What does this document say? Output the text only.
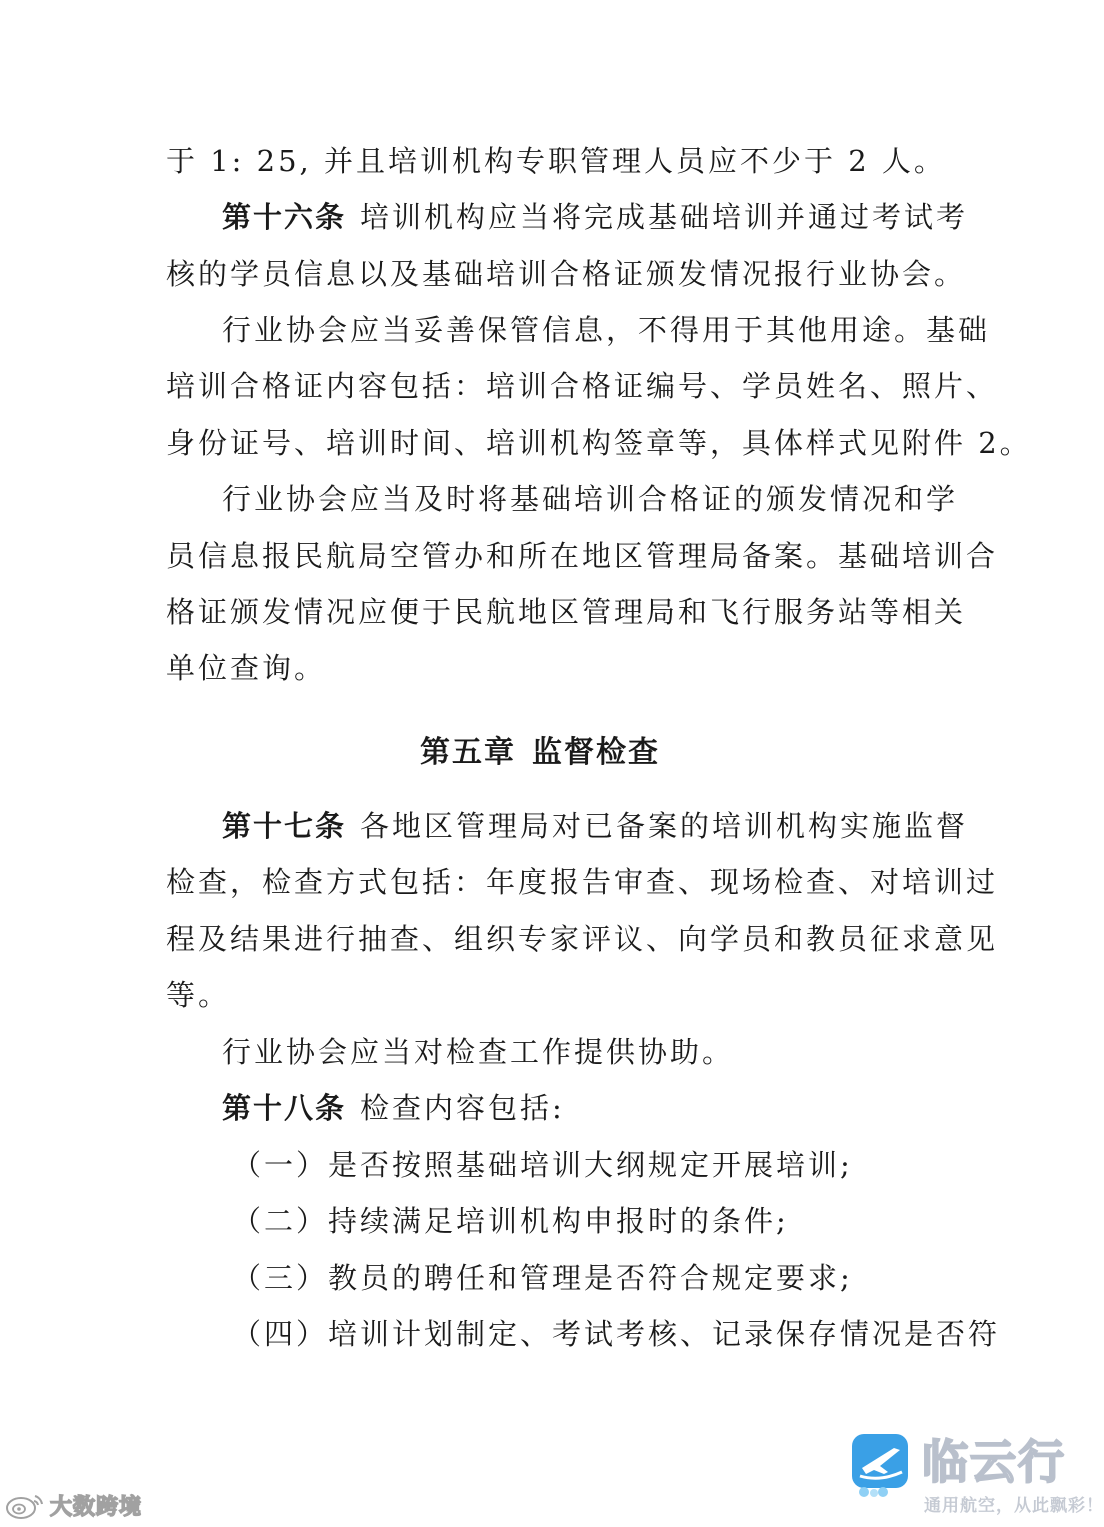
于 1: 25, 并且培训机构专职管理人员应不少于 2 人。
第十六条 培训机构应当将完成基础培训并通过考试考
核的学员信息以及基础培训合格证颁发情况报行业协会。
行业协会应当妥善保管信息，不得用于其他用途。基础
培训合格证内容包括：培训合格证编号、学员姓名、照片、
身份证号、培训时间、培训机构签章等，具体样式见附件 2。
行业协会应当及时将基础培训合格证的颁发情况和学
员信息报民航局空管办和所在地区管理局备案。基础培训合
格证颁发情况应便于民航地区管理局和飞行服务站等相关
单位查询。
第五章 监督检查
第十七条 各地区管理局对已备案的培训机构实施监督
检查，检查方式包括：年度报告审查、现场检查、对培训过
程及结果进行抽查、组织专家评议、向学员和教员征求意见
等。
行业协会应当对检查工作提供协助。
第十八条 检查内容包括:
（一）是否按照基础培训大纲规定开展培训;
（二）持续满足培训机构申报时的条件;
（三）教员的聘任和管理是否符合规定要求;
（四）培训计划制定、考试考核、记录保存情况是否符
大数跨境
临云行
通用航空，从此飘彩！
